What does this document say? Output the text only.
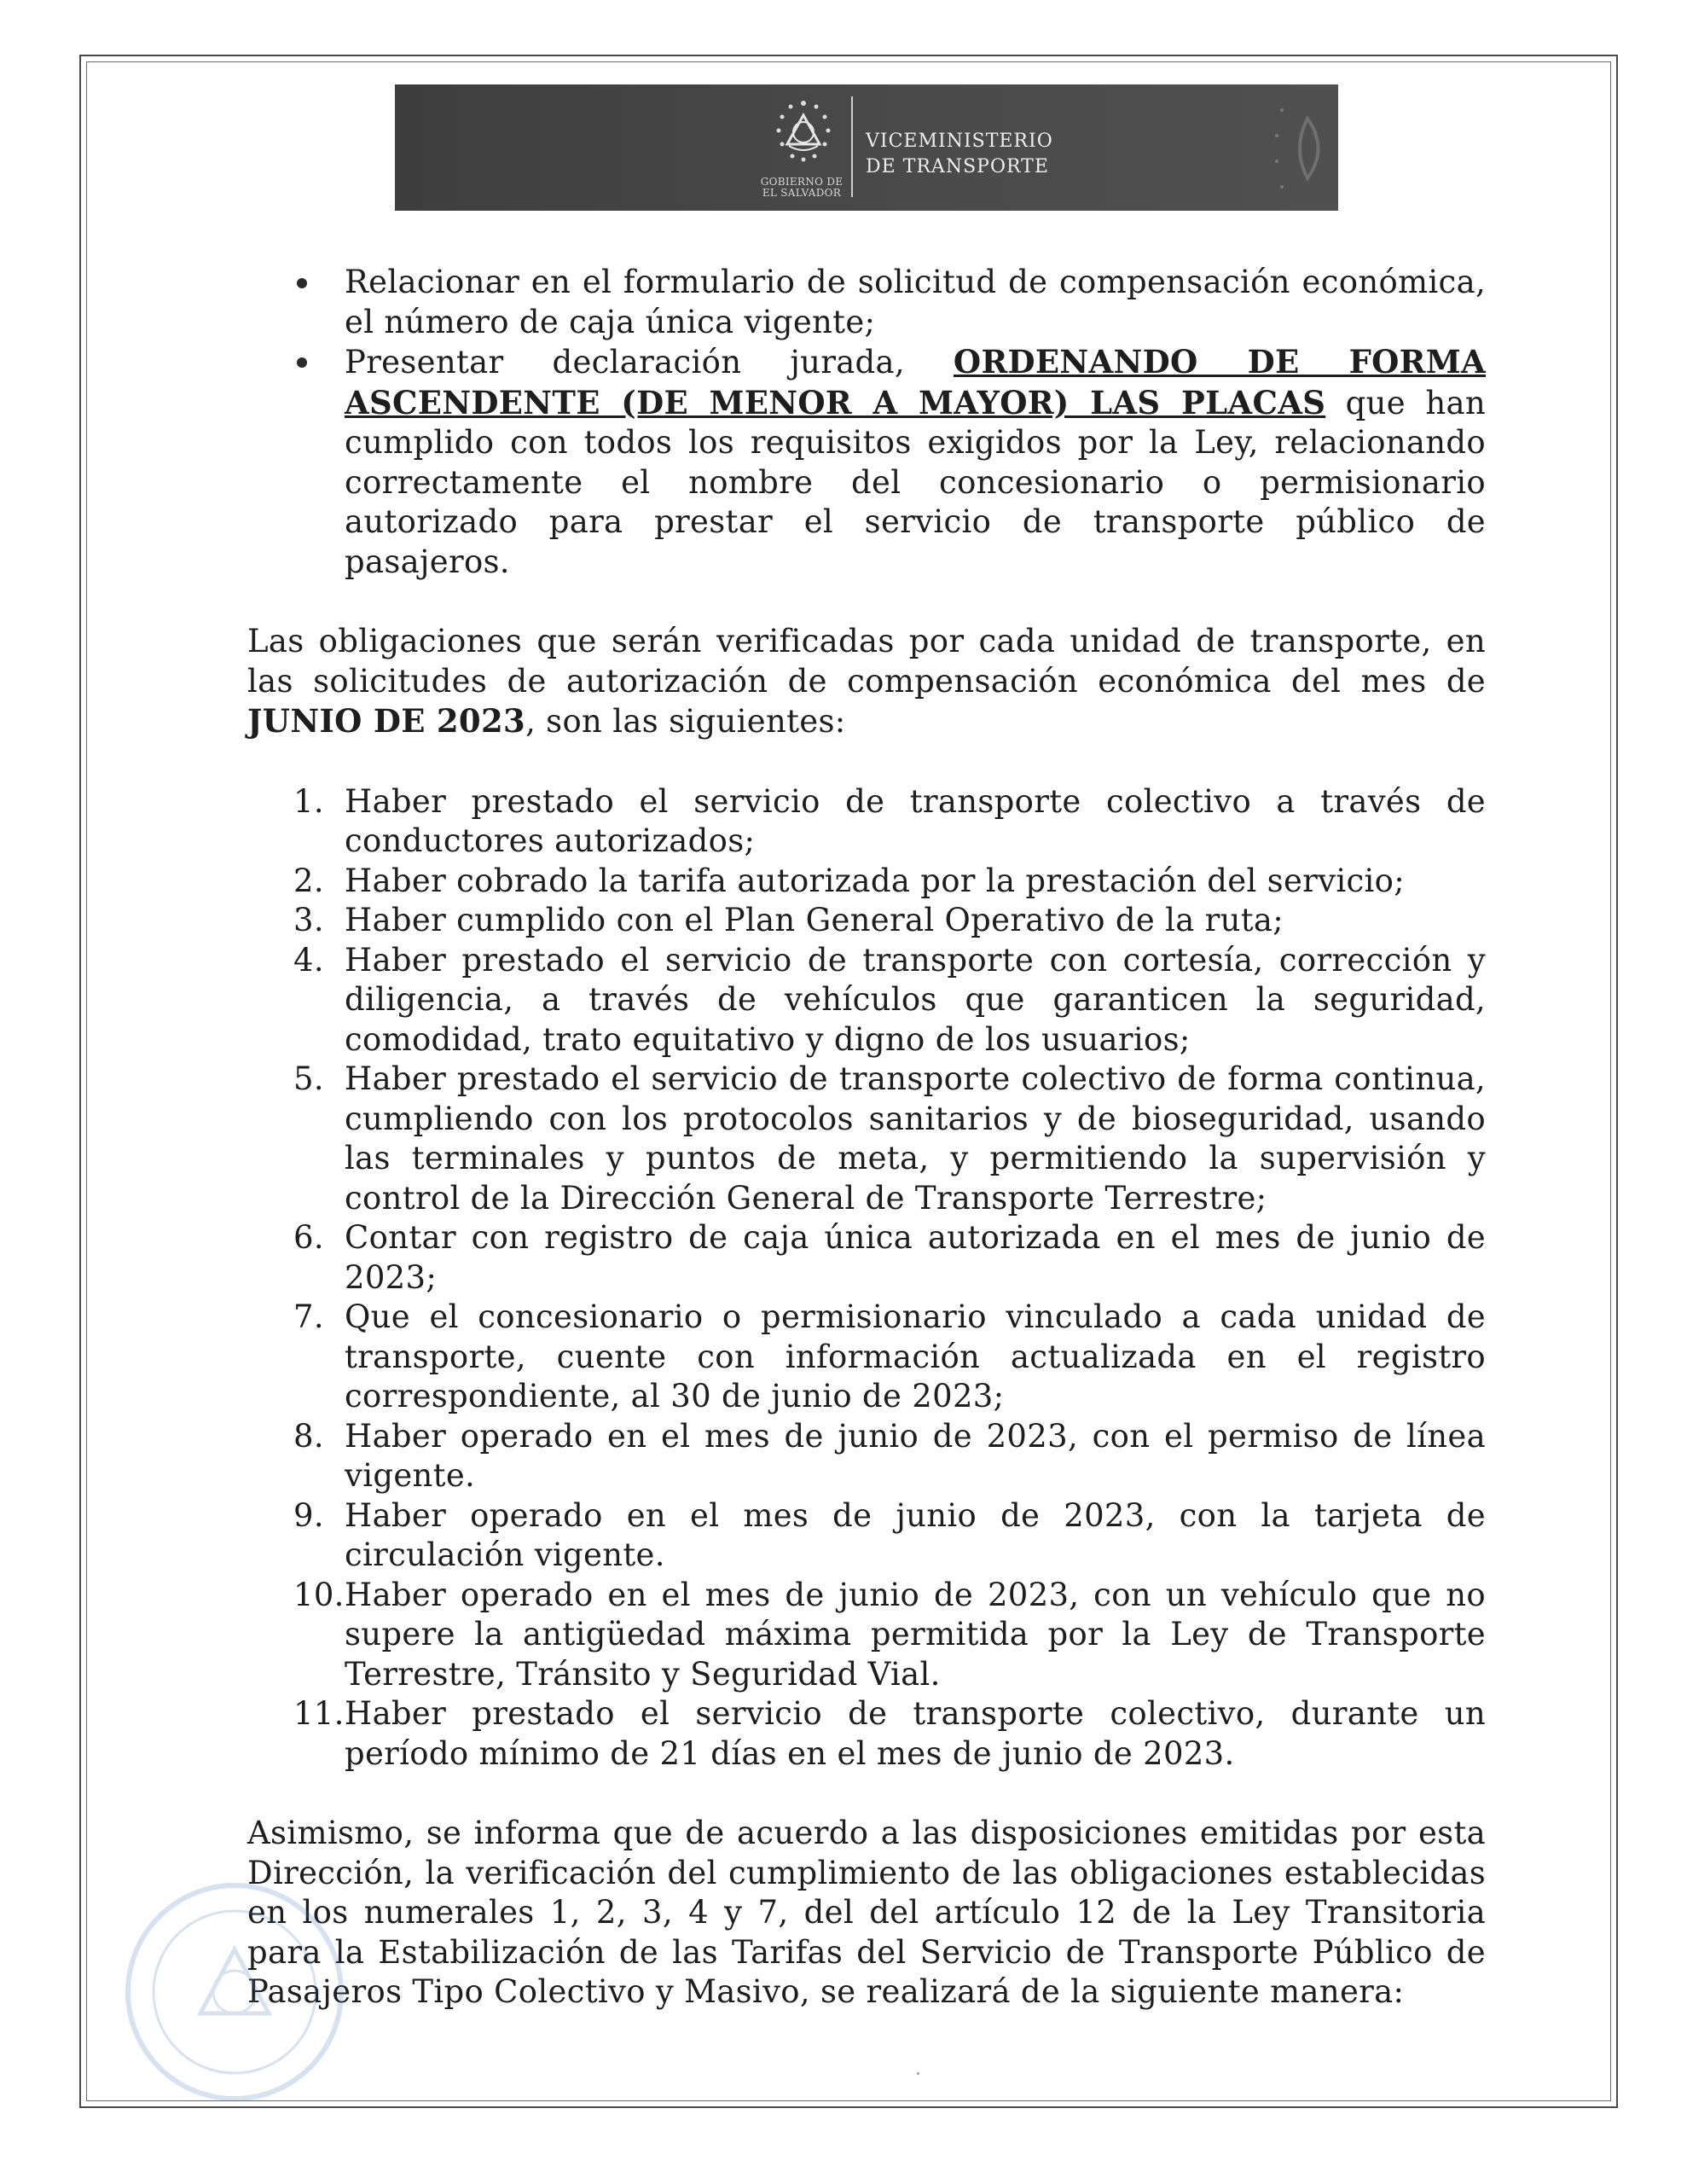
GOBIERNO DE
EL SALVADOR
VICEMINISTERIO
DE TRANSPORTE
Relacionar en el formulario de solicitud de compensación económica, el número de caja única vigente;
Presentar declaración jurada, ORDENANDO DE FORMA ASCENDENTE (DE MENOR A MAYOR) LAS PLACAS que han cumplido con todos los requisitos exigidos por la Ley, relacionando correctamente el nombre del concesionario o permisionario autorizado para prestar el servicio de transporte público de pasajeros.

Las obligaciones que serán verificadas por cada unidad de transporte, en las solicitudes de autorización de compensación económica del mes de JUNIO DE 2023, son las siguientes:

1. Haber prestado el servicio de transporte colectivo a través de conductores autorizados;
2. Haber cobrado la tarifa autorizada por la prestación del servicio;
3. Haber cumplido con el Plan General Operativo de la ruta;
4. Haber prestado el servicio de transporte con cortesía, corrección y diligencia, a través de vehículos que garanticen la seguridad, comodidad, trato equitativo y digno de los usuarios;
5. Haber prestado el servicio de transporte colectivo de forma continua, cumpliendo con los protocolos sanitarios y de bioseguridad, usando las terminales y puntos de meta, y permitiendo la supervisión y control de la Dirección General de Transporte Terrestre;
6. Contar con registro de caja única autorizada en el mes de junio de 2023;
7. Que el concesionario o permisionario vinculado a cada unidad de transporte, cuente con información actualizada en el registro correspondiente, al 30 de junio de 2023;
8. Haber operado en el mes de junio de 2023, con el permiso de línea vigente.
9. Haber operado en el mes de junio de 2023, con la tarjeta de circulación vigente.
10. Haber operado en el mes de junio de 2023, con un vehículo que no supere la antigüedad máxima permitida por la Ley de Transporte Terrestre, Tránsito y Seguridad Vial.
11. Haber prestado el servicio de transporte colectivo, durante un período mínimo de 21 días en el mes de junio de 2023.

Asimismo, se informa que de acuerdo a las disposiciones emitidas por esta Dirección, la verificación del cumplimiento de las obligaciones establecidas en los numerales 1, 2, 3, 4 y 7, del del artículo 12 de la Ley Transitoria para la Estabilización de las Tarifas del Servicio de Transporte Público de Pasajeros Tipo Colectivo y Masivo, se realizará de la siguiente manera:
